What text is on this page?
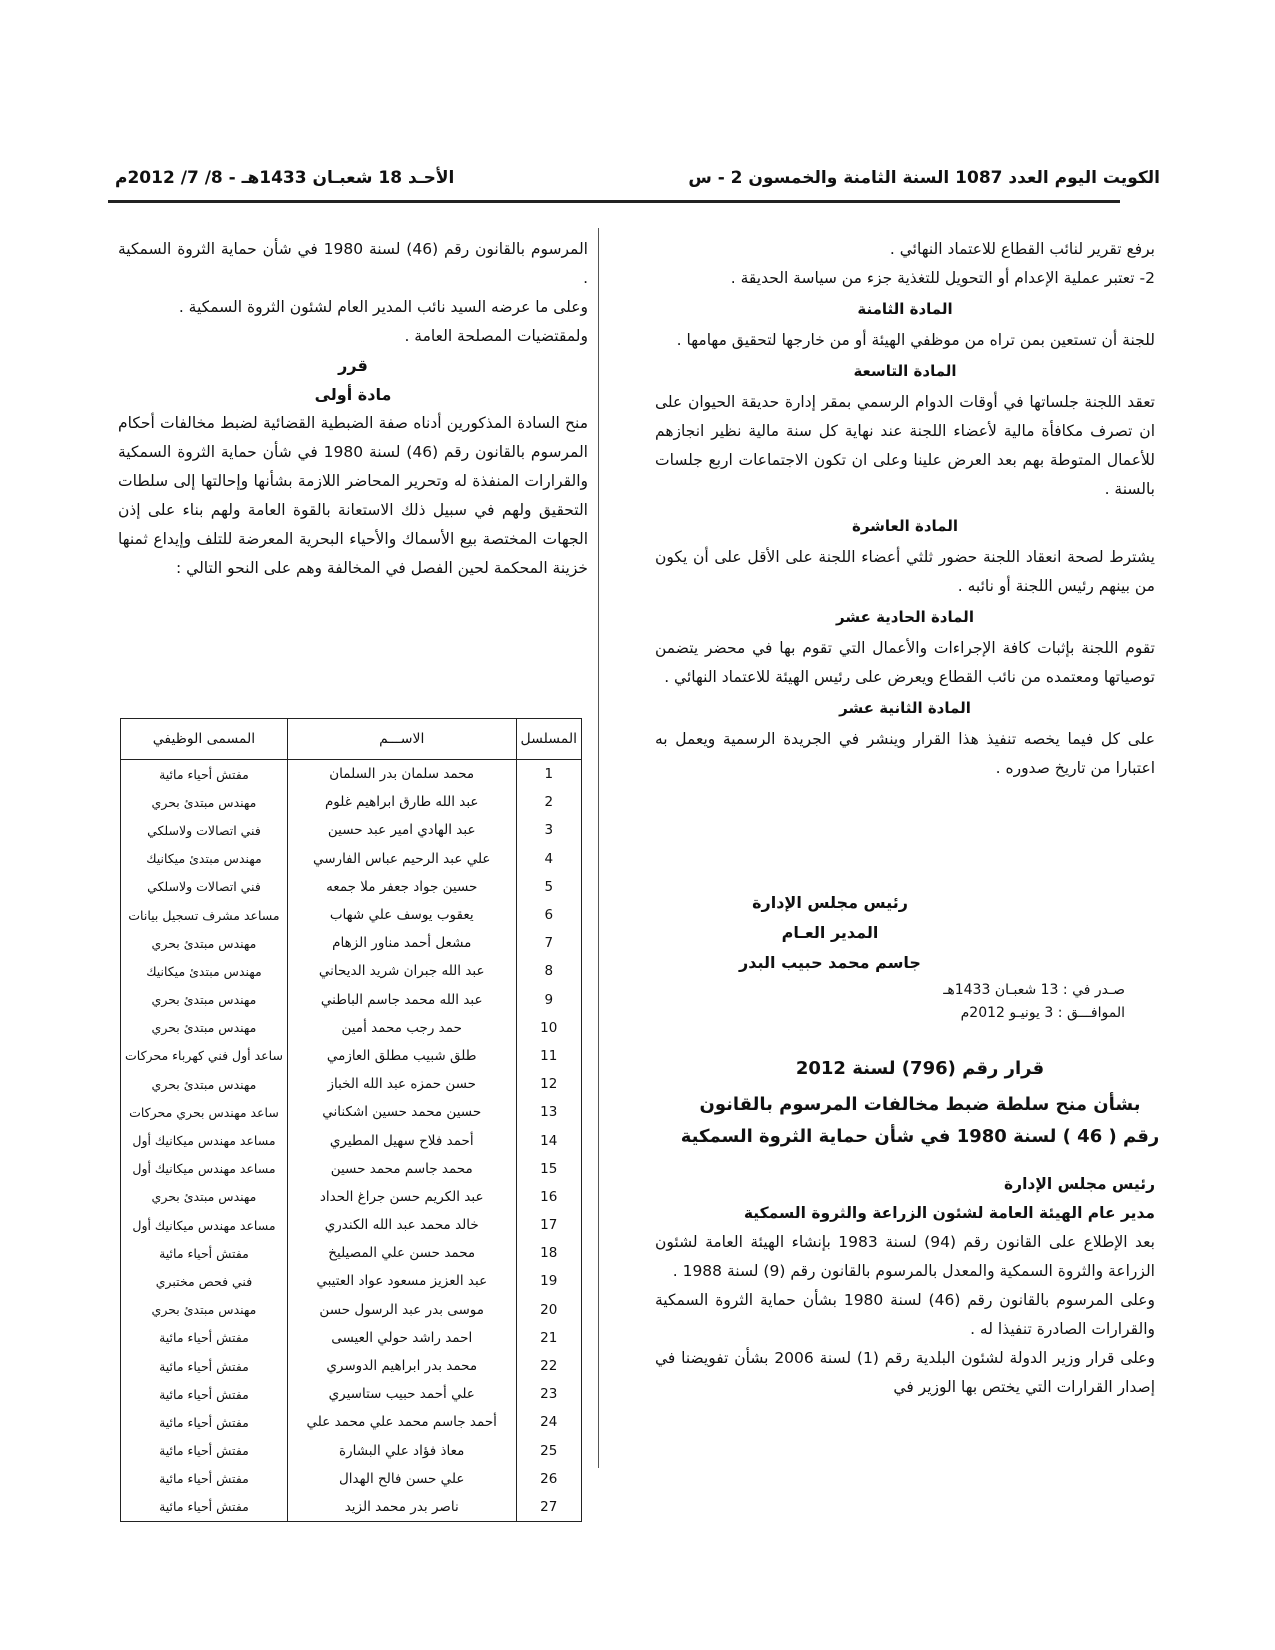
الكويت اليوم العدد 1087 السنة الثامنة والخمسون 2 - س
الأحـد 18 شعبـان 1433هـ - 8/ 7/ 2012م

برفع تقرير لنائب القطاع للاعتماد النهائي .

2- تعتبر عملية الإعدام أو التحويل للتغذية جزء من سياسة الحديقة .

المادة الثامنة

للجنة أن تستعين بمن تراه من موظفي الهيئة أو من خارجها لتحقيق مهامها .

المادة التاسعة

تعقد اللجنة جلساتها في أوقات الدوام الرسمي بمقر إدارة حديقة الحيوان على ان تصرف مكافأة مالية لأعضاء اللجنة عند نهاية كل سنة مالية نظير انجازهم للأعمال المتوطة بهم بعد العرض علينا وعلى ان تكون الاجتماعات اربع جلسات بالسنة .

المادة العاشرة

يشترط لصحة انعقاد اللجنة حضور ثلثي أعضاء اللجنة على الأقل على أن يكون من بينهم رئيس اللجنة أو نائبه .

المادة الحادية عشر

تقوم اللجنة بإثبات كافة الإجراءات والأعمال التي تقوم بها في محضر يتضمن توصياتها ومعتمده من نائب القطاع ويعرض على رئيس الهيئة للاعتماد النهائي .

المادة الثانية عشر

على كل فيما يخصه تنفيذ هذا القرار وينشر في الجريدة الرسمية ويعمل به اعتبارا من تاريخ صدوره .

رئيس مجلس الإدارة
المدير العـام
جاسم محمد حبيب البدر
صـدر في : 13 شعبـان 1433هـ
الموافـــق : 3 يونيـو 2012م
قرار رقم (796) لسنة 2012
بشأن منح سلطة ضبط مخالفات المرسوم بالقانون
رقم ( 46 ) لسنة 1980 في شأن حماية الثروة السمكية

رئيس مجلس الإدارة

مدير عام الهيئة العامة لشئون الزراعة والثروة السمكية

بعد الإطلاع على القانون رقم (94) لسنة 1983 بإنشاء الهيئة العامة لشئون الزراعة والثروة السمكية والمعدل بالمرسوم بالقانون رقم (9) لسنة 1988 .

وعلى المرسوم بالقانون رقم (46) لسنة 1980 بشأن حماية الثروة السمكية والقرارات الصادرة تنفيذا له .

وعلى قرار وزير الدولة لشئون البلدية رقم (1) لسنة 2006 بشأن تفويضنا في إصدار القرارات التي يختص بها الوزير في

المرسوم بالقانون رقم (46) لسنة 1980 في شأن حماية الثروة السمكية .

وعلى ما عرضه السيد نائب المدير العام لشئون الثروة السمكية .

ولمقتضيات المصلحة العامة .

قرر
مادة أولى

منح السادة المذكورين أدناه صفة الضبطية القضائية لضبط مخالفات أحكام المرسوم بالقانون رقم (46) لسنة 1980 في شأن حماية الثروة السمكية والقرارات المنفذة له وتحرير المحاضر اللازمة بشأنها وإحالتها إلى سلطات التحقيق ولهم في سبيل ذلك الاستعانة بالقوة العامة ولهم بناء على إذن الجهات المختصة بيع الأسماك والأحياء البحرية المعرضة للتلف وإيداع ثمنها خزينة المحكمة لحين الفصل في المخالفة وهم على النحو التالي :

المسلسل	الاســـم	المسمى الوظيفي
1	محمد سلمان بدر السلمان	مفتش أحياء مائية
2	عبد الله طارق ابراهيم غلوم	مهندس مبتدئ بحري
3	عبد الهادي امير عبد حسين	فني اتصالات ولاسلكي
4	علي عبد الرحيم عباس الفارسي	مهندس مبتدئ ميكانيك
5	حسين جواد جعفر ملا جمعه	فني اتصالات ولاسلكي
6	يعقوب يوسف علي شهاب	مساعد مشرف تسجيل بيانات
7	مشعل أحمد مناور الزهام	مهندس مبتدئ بحري
8	عبد الله جبران شريد الديحاني	مهندس مبتدئ ميكانيك
9	عبد الله محمد جاسم الباطني	مهندس مبتدئ بحري
10	حمد رجب محمد أمين	مهندس مبتدئ بحري
11	طلق شبيب مطلق العازمي	ساعد أول فني كهرباء محركات
12	حسن حمزه عبد الله الخباز	مهندس مبتدئ بحري
13	حسين محمد حسين اشكناني	ساعد مهندس بحري محركات
14	أحمد فلاح سهيل المطيري	مساعد مهندس ميكانيك أول
15	محمد جاسم محمد حسين	مساعد مهندس ميكانيك أول
16	عبد الكريم حسن جراغ الحداد	مهندس مبتدئ بحري
17	خالد محمد عبد الله الكندري	مساعد مهندس ميكانيك أول
18	محمد حسن علي المصيليخ	مفتش أحياء مائية
19	عبد العزيز مسعود عواد العتيبي	فني فحص مختبري
20	موسى بدر عبد الرسول حسن	مهندس مبتدئ بحري
21	احمد راشد حولي العيسى	مفتش أحياء مائية
22	محمد بدر ابراهيم الدوسري	مفتش أحياء مائية
23	علي أحمد حبيب ستاسيري	مفتش أحياء مائية
24	أحمد جاسم محمد علي محمد علي	مفتش أحياء مائية
25	معاذ فؤاد علي البشارة	مفتش أحياء مائية
26	علي حسن فالح الهدال	مفتش أحياء مائية
27	ناصر بدر محمد الزيد	مفتش أحياء مائية
